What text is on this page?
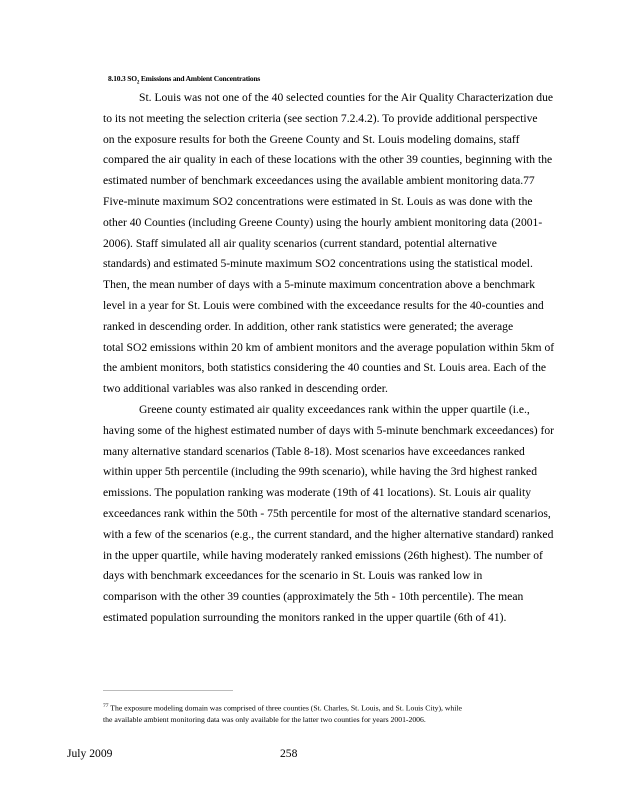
8.10.3 $SO_2$ Emissions and Ambient Concentrations
St. Louis was not one of the 40 selected counties for the Air Quality Characterization due
to its not meeting the selection criteria (see section 7.2.4.2). To provide additional perspective
on the exposure results for both the Greene County and St. Louis modeling domains, staff
compared the air quality in each of these locations with the other 39 counties, beginning with the
estimated number of benchmark exceedances using the available ambient monitoring data.77
Five-minute maximum SO2 concentrations were estimated in St. Louis as was done with the
other 40 Counties (including Greene County) using the hourly ambient monitoring data (2001-
2006). Staff simulated all air quality scenarios (current standard, potential alternative
standards) and estimated 5-minute maximum SO2 concentrations using the statistical model.
Then, the mean number of days with a 5-minute maximum concentration above a benchmark
level in a year for St. Louis were combined with the exceedance results for the 40-counties and
ranked in descending order. In addition, other rank statistics were generated; the average
total SO2 emissions within 20 km of ambient monitors and the average population within 5km of
the ambient monitors, both statistics considering the 40 counties and St. Louis area. Each of the
two additional variables was also ranked in descending order.
Greene county estimated air quality exceedances rank within the upper quartile (i.e.,
having some of the highest estimated number of days with 5-minute benchmark exceedances) for
many alternative standard scenarios (Table 8-18). Most scenarios have exceedances ranked
within upper 5th percentile (including the 99th scenario), while having the 3rd highest ranked
emissions. The population ranking was moderate (19th of 41 locations). St. Louis air quality
exceedances rank within the 50th - 75th percentile for most of the alternative standard scenarios,
with a few of the scenarios (e.g., the current standard, and the higher alternative standard) ranked
in the upper quartile, while having moderately ranked emissions (26th highest). The number of
days with benchmark exceedances for the scenario in St. Louis was ranked low in
comparison with the other 39 counties (approximately the 5th - 10th percentile). The mean
estimated population surrounding the monitors ranked in the upper quartile (6th of 41).
$^{77}$ The exposure modeling domain was comprised of three counties (St. Charles, St. Louis, and St. Louis City), while
the available ambient monitoring data was only available for the latter two counties for years 2001-2006.
July 2009	258
